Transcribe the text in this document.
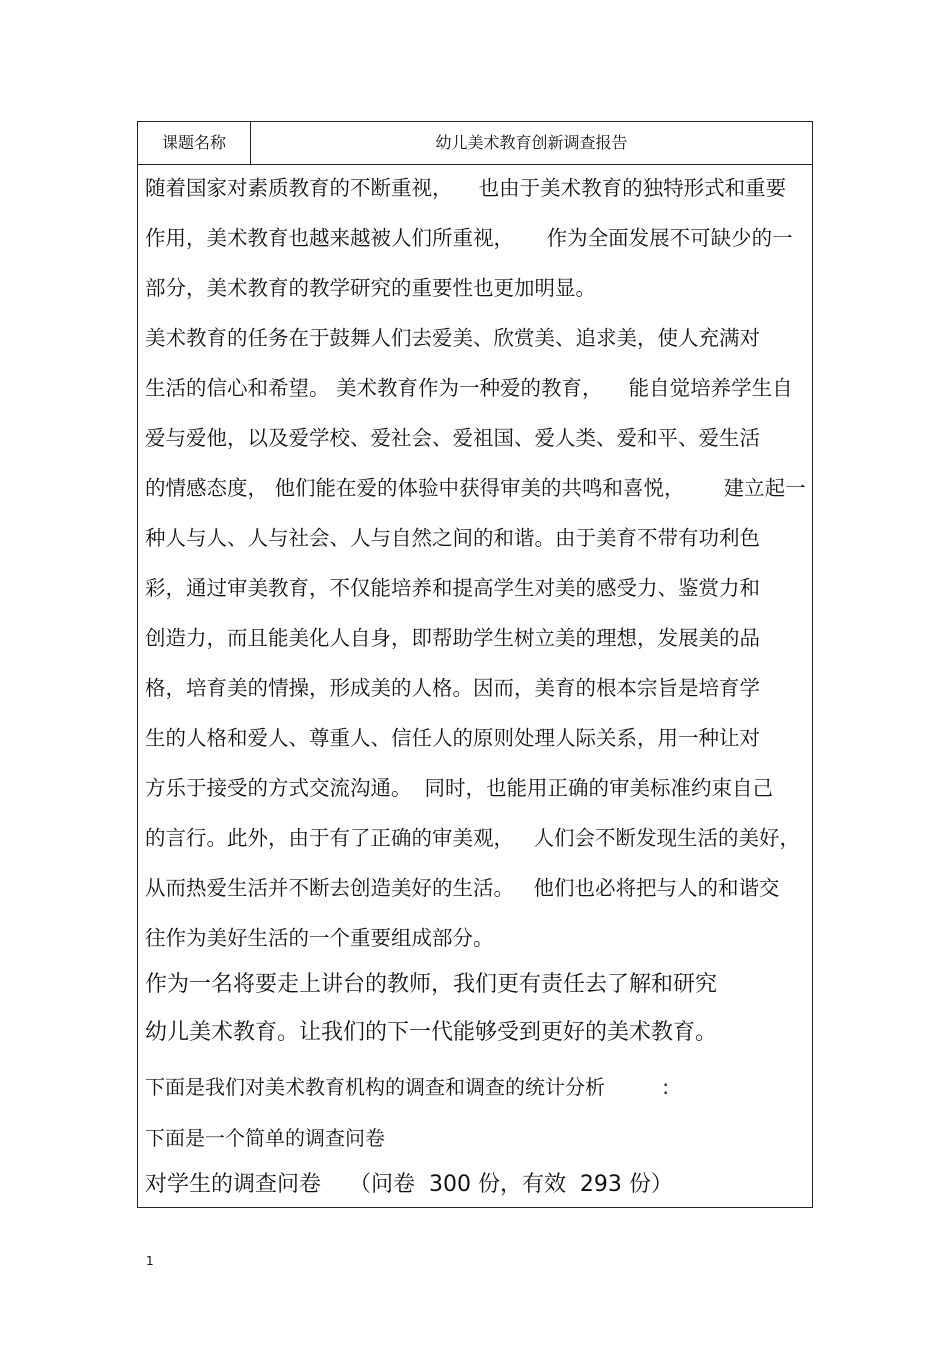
课题名称	幼儿美术教育创新调查报告
随着国家对素质教育的不断重视，    也由于美术教育的独特形式和重要
作用，美术教育也越来越被人们所重视，     作为全面发展不可缺少的一
部分，美术教育的教学研究的重要性也更加明显。
美术教育的任务在于鼓舞人们去爱美、欣赏美、追求美，使人充满对
生活的信心和希望。 美术教育作为一种爱的教育，    能自觉培养学生自
爱与爱他，以及爱学校、爱社会、爱祖国、爱人类、爱和平、爱生活
的情感态度， 他们能在爱的体验中获得审美的共鸣和喜悦，      建立起一
种人与人、人与社会、人与自然之间的和谐。由于美育不带有功利色
彩，通过审美教育，不仅能培养和提高学生对美的感受力、鉴赏力和
创造力，而且能美化人自身，即帮助学生树立美的理想，发展美的品
格，培育美的情操，形成美的人格。因而，美育的根本宗旨是培育学
生的人格和爱人、尊重人、信任人的原则处理人际关系，用一种让对
方乐于接受的方式交流沟通。  同时，也能用正确的审美标准约束自己
的言行。此外，由于有了正确的审美观，   人们会不断发现生活的美好，
从而热爱生活并不断去创造美好的生活。   他们也必将把与人的和谐交
往作为美好生活的一个重要组成部分。
作为一名将要走上讲台的教师，我们更有责任去了解和研究
幼儿美术教育。让我们的下一代能够受到更好的美术教育。
下面是我们对美术教育机构的调查和调查的统计分析         :
下面是一个简单的调查问卷
对学生的调查问卷    （问卷  300 份，有效  293 份）
1
